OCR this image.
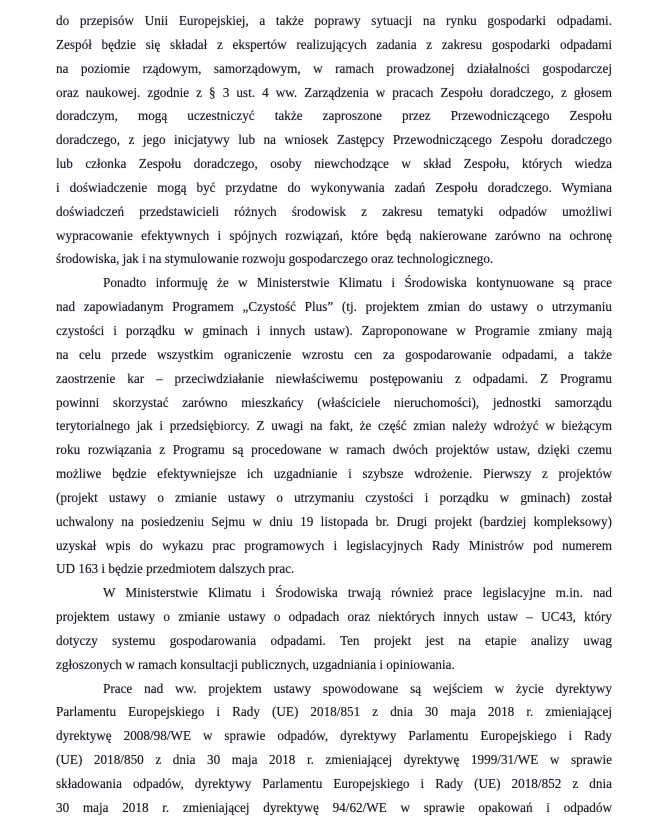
do przepisów Unii Europejskiej, a także poprawy sytuacji na rynku gospodarki odpadami.
Zespół będzie się składał z ekspertów realizujących zadania z zakresu gospodarki odpadami
na poziomie rządowym, samorządowym, w ramach prowadzonej działalności gospodarczej
oraz naukowej. zgodnie z § 3 ust. 4 ww. Zarządzenia w pracach Zespołu doradczego, z głosem
doradczym, mogą uczestniczyć także zaproszone przez Przewodniczącego Zespołu
doradczego, z jego inicjatywy lub na wniosek Zastępcy Przewodniczącego Zespołu doradczego
lub członka Zespołu doradczego, osoby niewchodzące w skład Zespołu, których wiedza
i doświadczenie mogą być przydatne do wykonywania zadań Zespołu doradczego. Wymiana
doświadczeń przedstawicieli różnych środowisk z zakresu tematyki odpadów umożliwi
wypracowanie efektywnych i spójnych rozwiązań, które będą nakierowane zarówno na ochronę
środowiska, jak i na stymulowanie rozwoju gospodarczego oraz technologicznego.

Ponadto informuję że w Ministerstwie Klimatu i Środowiska kontynuowane są prace
nad zapowiadanym Programem „Czystość Plus” (tj. projektem zmian do ustawy o utrzymaniu
czystości i porządku w gminach i innych ustaw). Zaproponowane w Programie zmiany mają
na celu przede wszystkim ograniczenie wzrostu cen za gospodarowanie odpadami, a także
zaostrzenie kar – przeciwdziałanie niewłaściwemu postępowaniu z odpadami. Z Programu
powinni skorzystać zarówno mieszkańcy (właściciele nieruchomości), jednostki samorządu
terytorialnego jak i przedsiębiorcy. Z uwagi na fakt, że część zmian należy wdrożyć w bieżącym
roku rozwiązania z Programu są procedowane w ramach dwóch projektów ustaw, dzięki czemu
możliwe będzie efektywniejsze ich uzgadnianie i szybsze wdrożenie. Pierwszy z projektów
(projekt ustawy o zmianie ustawy o utrzymaniu czystości i porządku w gminach) został
uchwalony na posiedzeniu Sejmu w dniu 19 listopada br. Drugi projekt (bardziej kompleksowy)
uzyskał wpis do wykazu prac programowych i legislacyjnych Rady Ministrów pod numerem
UD 163 i będzie przedmiotem dalszych prac.

W Ministerstwie Klimatu i Środowiska trwają również prace legislacyjne m.in. nad
projektem ustawy o zmianie ustawy o odpadach oraz niektórych innych ustaw – UC43, który
dotyczy systemu gospodarowania odpadami. Ten projekt jest na etapie analizy uwag
zgłoszonych w ramach konsultacji publicznych, uzgadniania i opiniowania.

Prace nad ww. projektem ustawy spowodowane są wejściem w życie dyrektywy
Parlamentu Europejskiego i Rady (UE) 2018/851 z dnia 30 maja 2018 r. zmieniającej
dyrektywę 2008/98/WE w sprawie odpadów, dyrektywy Parlamentu Europejskiego i Rady
(UE) 2018/850 z dnia 30 maja 2018 r. zmieniającej dyrektywę 1999/31/WE w sprawie
składowania odpadów, dyrektywy Parlamentu Europejskiego i Rady (UE) 2018/852 z dnia
30 maja 2018 r. zmieniającej dyrektywę 94/62/WE w sprawie opakowań i odpadów
